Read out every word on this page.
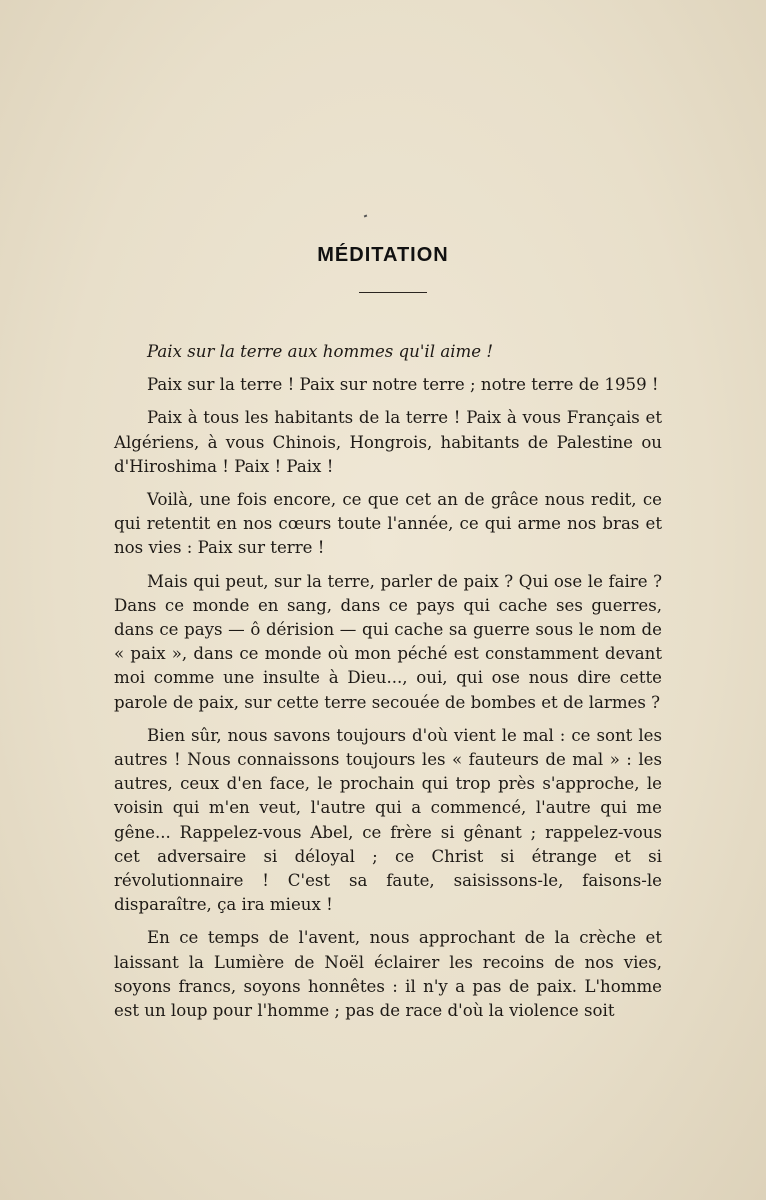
MÉDITATION

Paix sur la terre aux hommes qu'il aime !

Paix sur la terre ! Paix sur notre terre ; notre terre de 1959 !

Paix à tous les habitants de la terre ! Paix à vous Français et Algériens, à vous Chinois, Hongrois, habitants de Palestine ou d'Hiroshima ! Paix ! Paix !

Voilà, une fois encore, ce que cet an de grâce nous redit, ce qui retentit en nos cœurs toute l'année, ce qui arme nos bras et nos vies : Paix sur terre !

Mais qui peut, sur la terre, parler de paix ? Qui ose le faire ? Dans ce monde en sang, dans ce pays qui cache ses guerres, dans ce pays — ô dérision — qui cache sa guerre sous le nom de « paix », dans ce monde où mon péché est constamment devant moi comme une insulte à Dieu..., oui, qui ose nous dire cette parole de paix, sur cette terre secouée de bombes et de larmes ?

Bien sûr, nous savons toujours d'où vient le mal : ce sont les autres ! Nous connaissons toujours les « fauteurs de mal » : les autres, ceux d'en face, le prochain qui trop près s'approche, le voisin qui m'en veut, l'autre qui a commencé, l'autre qui me gêne... Rappelez-vous Abel, ce frère si gênant ; rappelez-vous cet adversaire si déloyal ; ce Christ si étrange et si révolutionnaire ! C'est sa faute, saisissons-le, faisons-le disparaître, ça ira mieux !

En ce temps de l'avent, nous approchant de la crèche et laissant la Lumière de Noël éclairer les recoins de nos vies, soyons francs, soyons honnêtes : il n'y a pas de paix. L'homme est un loup pour l'homme ; pas de race d'où la violence soit
